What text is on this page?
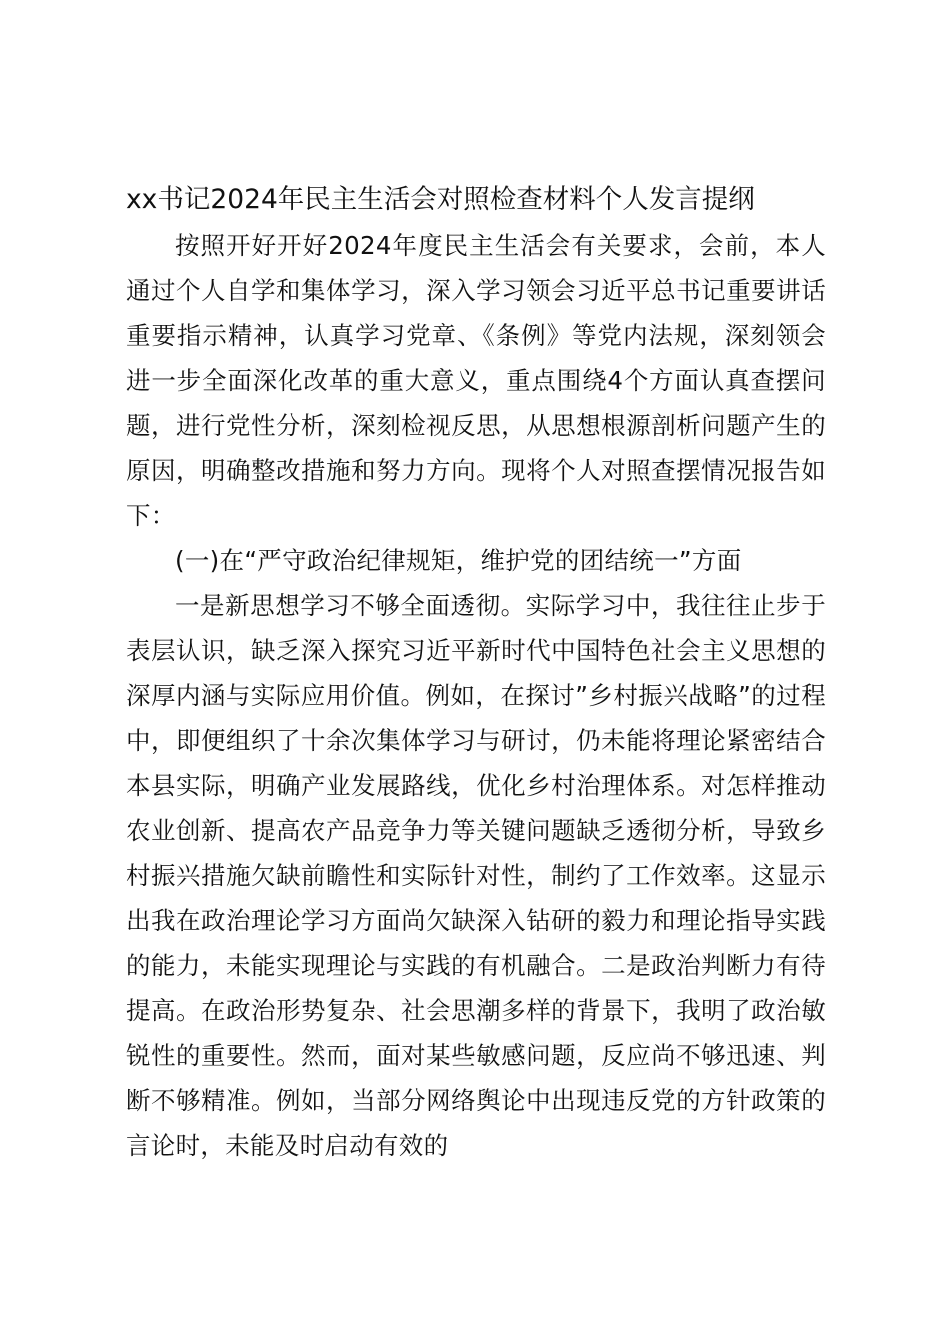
xx书记2024年民主生活会对照检查材料个人发言提纲

按照开好开好2024年度民主生活会有关要求，会前，本人通过个人自学和集体学习，深入学习领会习近平总书记重要讲话重要指示精神，认真学习党章、《条例》等党内法规，深刻领会进一步全面深化改革的重大意义，重点围绕4个方面认真查摆问题，进行党性分析，深刻检视反思，从思想根源剖析问题产生的原因，明确整改措施和努力方向。现将个人对照查摆情况报告如下：

(一)在“严守政治纪律规矩，维护党的团结统一”方面

一是新思想学习不够全面透彻。实际学习中，我往往止步于表层认识，缺乏深入探究习近平新时代中国特色社会主义思想的深厚内涵与实际应用价值。例如，在探讨”乡村振兴战略”的过程中，即便组织了十余次集体学习与研讨，仍未能将理论紧密结合本县实际，明确产业发展路线，优化乡村治理体系。对怎样推动农业创新、提高农产品竞争力等关键问题缺乏透彻分析，导致乡村振兴措施欠缺前瞻性和实际针对性，制约了工作效率。这显示出我在政治理论学习方面尚欠缺深入钻研的毅力和理论指导实践的能力，未能实现理论与实践的有机融合。二是政治判断力有待提高。在政治形势复杂、社会思潮多样的背景下，我明了政治敏锐性的重要性。然而，面对某些敏感问题，反应尚不够迅速、判断不够精准。例如，当部分网络舆论中出现违反党的方针政策的言论时，未能及时启动有效的
